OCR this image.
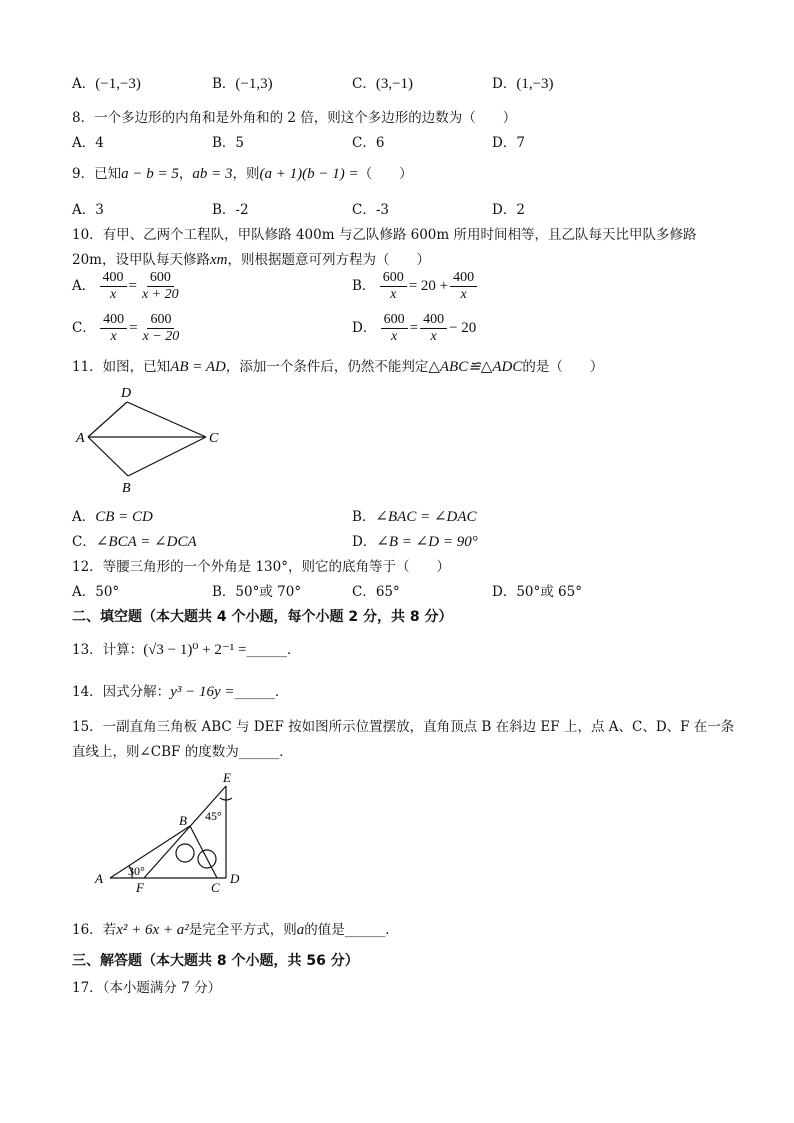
A．(−1,−3)	B．(−1,3)	C．(3,−1)	D．(1,−3)
8．一个多边形的内角和是外角和的 2 倍，则这个多边形的边数为（　　）
A．4	B．5	C．6	D．7
9．已知a − b = 5，ab = 3，则(a + 1)(b − 1) =（　　）
A．3	B．-2	C．-3	D．2
10．有甲、乙两个工程队，甲队修路 400m 与乙队修路 600m 所用时间相等，且乙队每天比甲队多修路
20m，设甲队每天修路xm，则根据题意可列方程为（　　）
A． $\frac{400}{x} = \frac{600}{x + 20}$	B． $\frac{600}{x} = 20 + \frac{400}{x}$
C． $\frac{400}{x} = \frac{600}{x - 20}$	D． $\frac{600}{x} = \frac{400}{x} - 20$
11．如图，已知AB = AD，添加一个条件后，仍然不能判定△ABC≌△ADC的是（　　）
D
A	C
B
A．CB = CD	B．∠BAC = ∠DAC
C．∠BCA = ∠DCA	D．∠B = ∠D = 90°
12．等腰三角形的一个外角是 130°，则它的底角等于（　　）
A．50°	B．50°或 70°	C．65°	D．50°或 65°
二、填空题（本大题共 4 个小题，每个小题 2 分，共 8 分）
13．计算：(√3 − 1)⁰ + 2⁻¹ =______．
14．因式分解：y³ − 16y =______．
15．一副直角三角板 ABC 与 DEF 按如图所示位置摆放，直角顶点 B 在斜边 EF 上，点 A、C、D、F 在一条
直线上，则∠CBF 的度数为______．
E
B 45°
30°
A
F	C
D
16．若x² + 6x + a²是完全平方式，则a的值是______．
三、解答题（本大题共 8 个小题，共 56 分）
17．（本小题满分 7 分）
